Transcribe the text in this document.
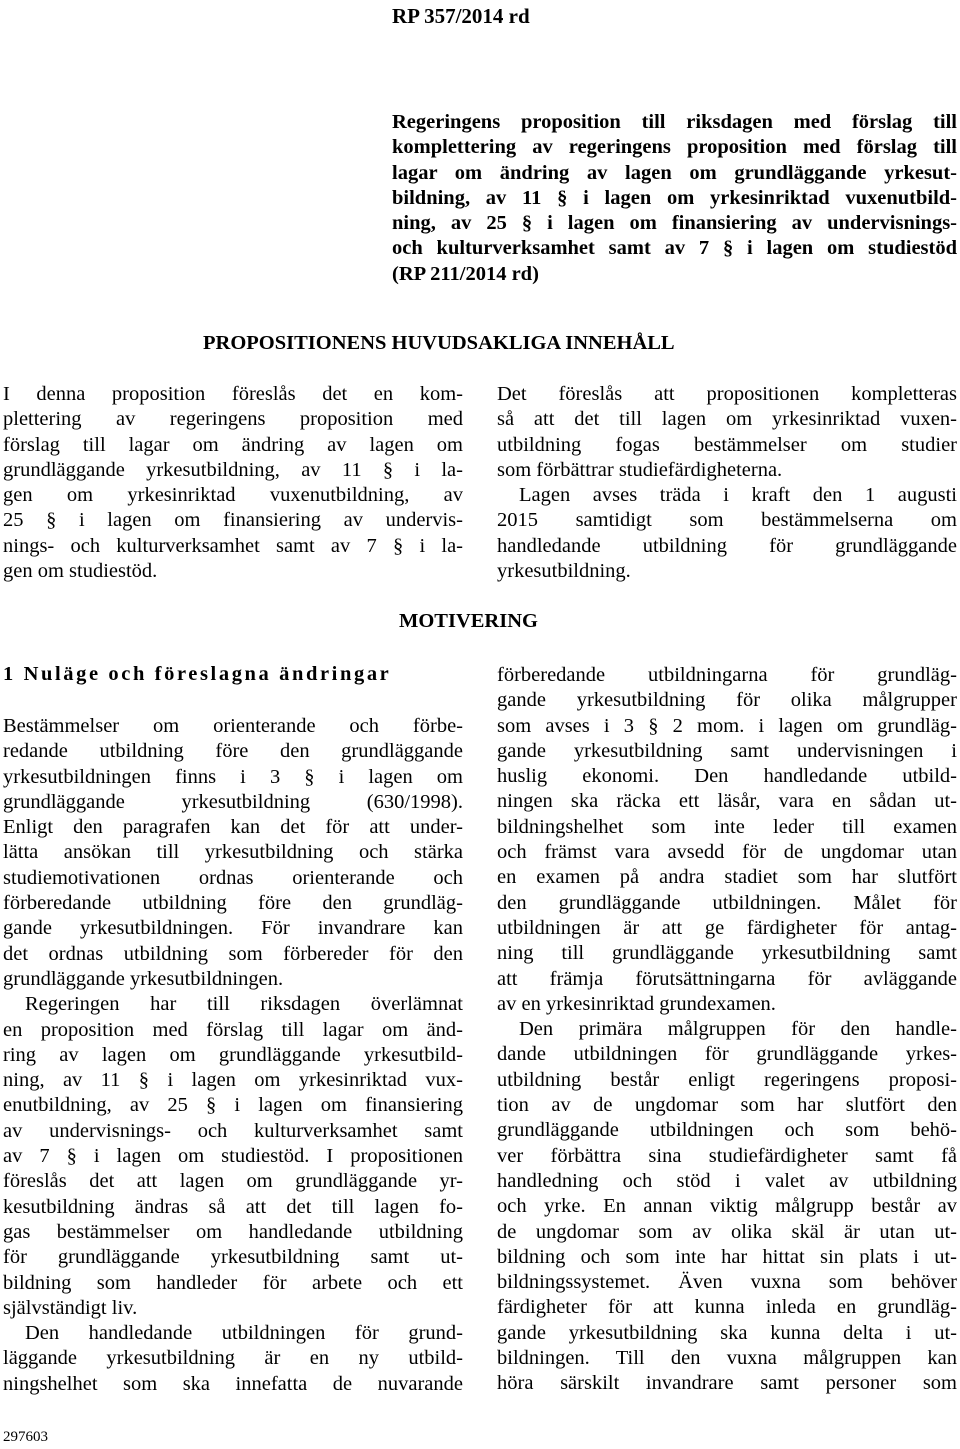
RP 357/2014 rd
Regeringens proposition till riksdagen med förslag till
komplettering av regeringens proposition med förslag till
lagar om ändring av lagen om grundläggande yrkesut-
bildning, av 11 § i lagen om yrkesinriktad vuxenutbild-
ning, av 25 § i lagen om finansiering av undervisnings-
och kulturverksamhet samt av 7 § i lagen om studiestöd
(RP 211/2014 rd)
PROPOSITIONENS HUVUDSAKLIGA INNEHÅLL
I denna proposition föreslås det en kom-
plettering av regeringens proposition med
förslag till lagar om ändring av lagen om
grundläggande yrkesutbildning, av 11 § i la-
gen om yrkesinriktad vuxenutbildning, av
25 § i lagen om finansiering av undervis-
nings- och kulturverksamhet samt av 7 § i la-
gen om studiestöd.
Det föreslås att propositionen kompletteras
så att det till lagen om yrkesinriktad vuxen-
utbildning fogas bestämmelser om studier
som förbättrar studiefärdigheterna.
Lagen avses träda i kraft den 1 augusti
2015 samtidigt som bestämmelserna om
handledande utbildning för grundläggande
yrkesutbildning.
MOTIVERING
1 Nuläge och föreslagna ändringar
Bestämmelser om orienterande och förbe-
redande utbildning före den grundläggande
yrkesutbildningen finns i 3 § i lagen om
grundläggande yrkesutbildning (630/1998).
Enligt den paragrafen kan det för att under-
lätta ansökan till yrkesutbildning och stärka
studiemotivationen ordnas orienterande och
förberedande utbildning före den grundläg-
gande yrkesutbildningen. För invandrare kan
det ordnas utbildning som förbereder för den
grundläggande yrkesutbildningen.
Regeringen har till riksdagen överlämnat
en proposition med förslag till lagar om änd-
ring av lagen om grundläggande yrkesutbild-
ning, av 11 § i lagen om yrkesinriktad vux-
enutbildning, av 25 § i lagen om finansiering
av undervisnings- och kulturverksamhet samt
av 7 § i lagen om studiestöd. I propositionen
föreslås det att lagen om grundläggande yr-
kesutbildning ändras så att det till lagen fo-
gas bestämmelser om handledande utbildning
för grundläggande yrkesutbildning samt ut-
bildning som handleder för arbete och ett
självständigt liv.
Den handledande utbildningen för grund-
läggande yrkesutbildning är en ny utbild-
ningshelhet som ska innefatta de nuvarande
förberedande utbildningarna för grundläg-
gande yrkesutbildning för olika målgrupper
som avses i 3 § 2 mom. i lagen om grundläg-
gande yrkesutbildning samt undervisningen i
huslig ekonomi. Den handledande utbild-
ningen ska räcka ett läsår, vara en sådan ut-
bildningshelhet som inte leder till examen
och främst vara avsedd för de ungdomar utan
en examen på andra stadiet som har slutfört
den grundläggande utbildningen. Målet för
utbildningen är att ge färdigheter för antag-
ning till grundläggande yrkesutbildning samt
att främja förutsättningarna för avläggande
av en yrkesinriktad grundexamen.
Den primära målgruppen för den handle-
dande utbildningen för grundläggande yrkes-
utbildning består enligt regeringens proposi-
tion av de ungdomar som har slutfört den
grundläggande utbildningen och som behö-
ver förbättra sina studiefärdigheter samt få
handledning och stöd i valet av utbildning
och yrke. En annan viktig målgrupp består av
de ungdomar som av olika skäl är utan ut-
bildning och som inte har hittat sin plats i ut-
bildningssystemet. Även vuxna som behöver
färdigheter för att kunna inleda en grundläg-
gande yrkesutbildning ska kunna delta i ut-
bildningen. Till den vuxna målgruppen kan
höra särskilt invandrare samt personer som
297603
